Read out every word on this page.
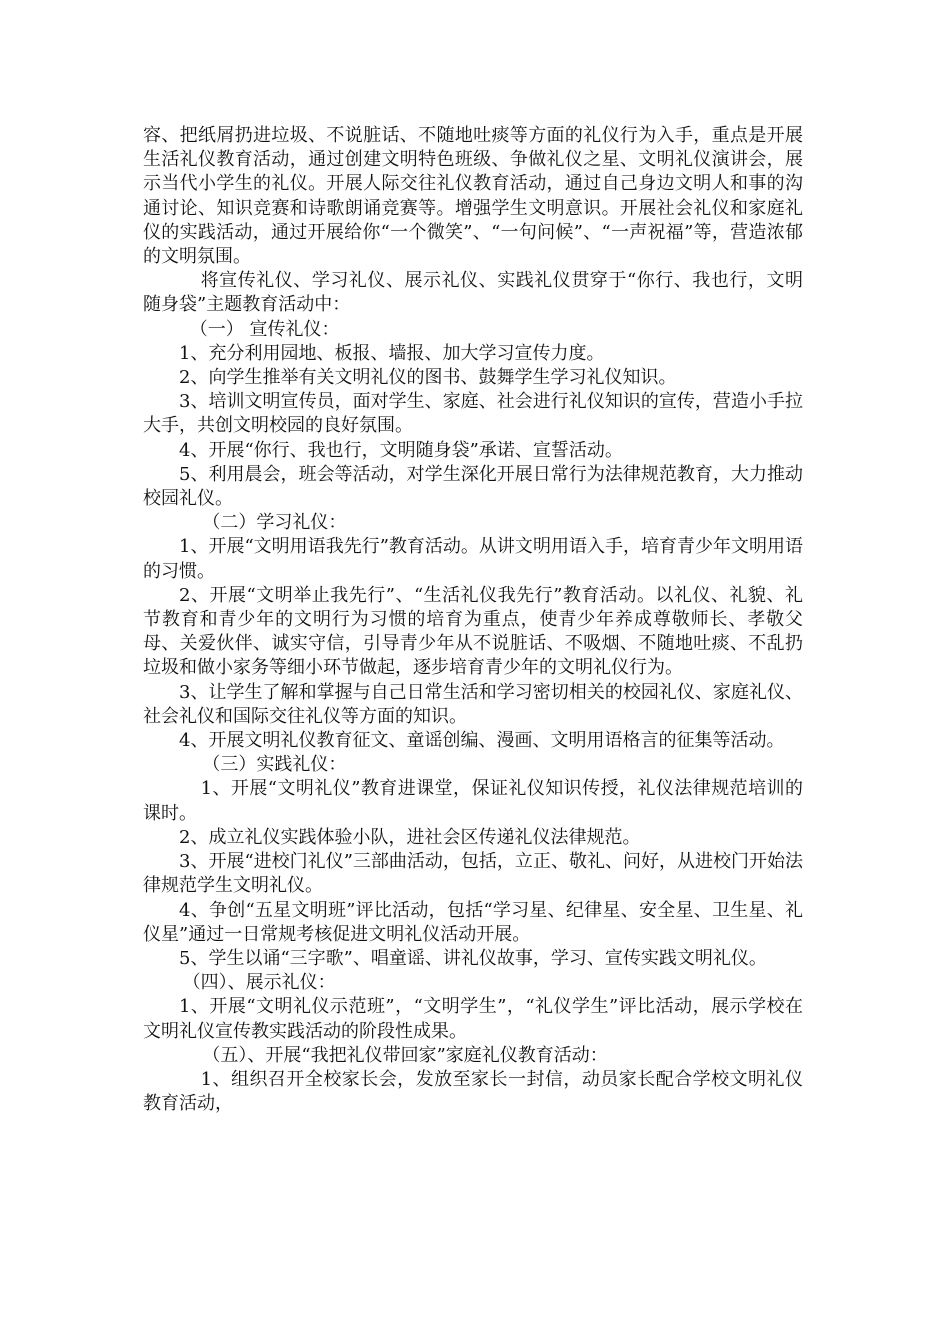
容、把纸屑扔进垃圾、不说脏话、不随地吐痰等方面的礼仪行为入手，重点是开展生活礼仪教育活动，通过创建文明特色班级、争做礼仪之星、文明礼仪演讲会，展示当代小学生的礼仪。开展人际交往礼仪教育活动，通过自己身边文明人和事的沟通讨论、知识竞赛和诗歌朗诵竞赛等。增强学生文明意识。开展社会礼仪和家庭礼仪的实践活动，通过开展给你“一个微笑”、“一句问候”、“一声祝福”等，营造浓郁的文明氛围。

将宣传礼仪、学习礼仪、展示礼仪、实践礼仪贯穿于“你行、我也行，文明随身袋”主题教育活动中：

（一） 宣传礼仪：

1、充分利用园地、板报、墙报、加大学习宣传力度。

2、向学生推举有关文明礼仪的图书、鼓舞学生学习礼仪知识。

3、培训文明宣传员，面对学生、家庭、社会进行礼仪知识的宣传，营造小手拉大手，共创文明校园的良好氛围。

4、开展“你行、我也行，文明随身袋”承诺、宣誓活动。

5、利用晨会，班会等活动，对学生深化开展日常行为法律规范教育，大力推动校园礼仪。

（二）学习礼仪：

1、开展“文明用语我先行”教育活动。从讲文明用语入手，培育青少年文明用语的习惯。

2、开展“文明举止我先行”、“生活礼仪我先行”教育活动。以礼仪、礼貌、礼节教育和青少年的文明行为习惯的培育为重点，使青少年养成尊敬师长、孝敬父母、关爱伙伴、诚实守信，引导青少年从不说脏话、不吸烟、不随地吐痰、不乱扔垃圾和做小家务等细小环节做起，逐步培育青少年的文明礼仪行为。

3、让学生了解和掌握与自己日常生活和学习密切相关的校园礼仪、家庭礼仪、社会礼仪和国际交往礼仪等方面的知识。

4、开展文明礼仪教育征文、童谣创编、漫画、文明用语格言的征集等活动。

（三）实践礼仪：

1、开展“文明礼仪”教育进课堂，保证礼仪知识传授，礼仪法律规范培训的课时。

2、成立礼仪实践体验小队，进社会区传递礼仪法律规范。

3、开展“进校门礼仪”三部曲活动，包括，立正、敬礼、问好，从进校门开始法律规范学生文明礼仪。

4、争创“五星文明班”评比活动，包括“学习星、纪律星、安全星、卫生星、礼仪星”通过一日常规考核促进文明礼仪活动开展。

5、学生以诵“三字歌”、唱童谣、讲礼仪故事，学习、宣传实践文明礼仪。

（四）、展示礼仪：

1、开展“文明礼仪示范班”，“文明学生”，“礼仪学生”评比活动，展示学校在文明礼仪宣传教实践活动的阶段性成果。

（五）、开展“我把礼仪带回家”家庭礼仪教育活动：

1、组织召开全校家长会，发放至家长一封信，动员家长配合学校文明礼仪教育活动，
